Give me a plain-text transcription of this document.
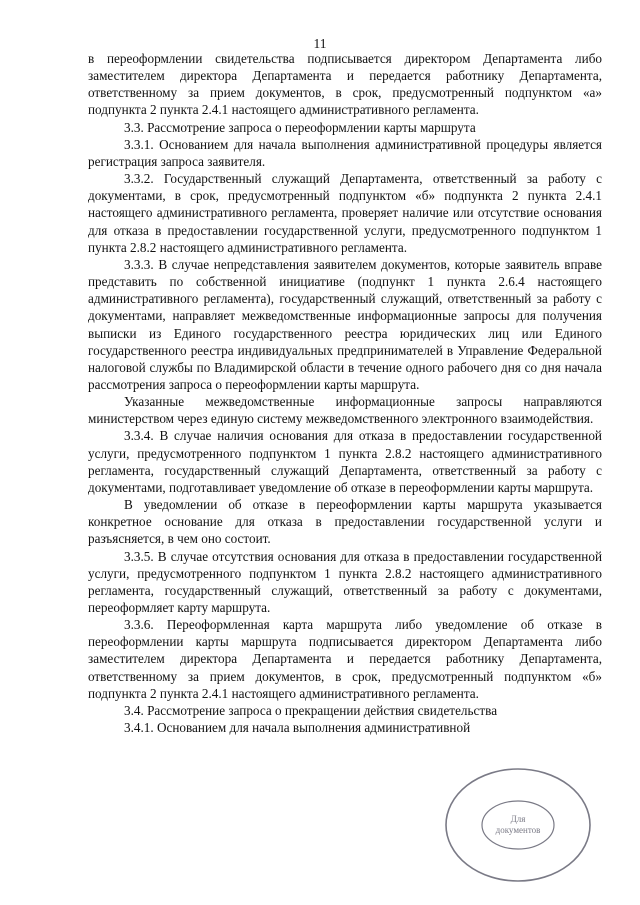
11

в переоформлении свидетельства подписывается директором Департамента либо заместителем директора Департамента и передается работнику Департамента, ответственному за прием документов, в срок, предусмотренный подпунктом «а» подпункта 2 пункта 2.4.1 настоящего административного регламента.

3.3. Рассмотрение запроса о переоформлении карты маршрута

3.3.1. Основанием для начала выполнения административной процедуры является регистрация запроса заявителя.

3.3.2. Государственный служащий Департамента, ответственный за работу с документами, в срок, предусмотренный подпунктом «б» подпункта 2 пункта 2.4.1 настоящего административного регламента, проверяет наличие или отсутствие основания для отказа в предоставлении государственной услуги, предусмотренного подпунктом 1 пункта 2.8.2 настоящего административного регламента.

3.3.3. В случае непредставления заявителем документов, которые заявитель вправе представить по собственной инициативе (подпункт 1 пункта 2.6.4 настоящего административного регламента), государственный служащий, ответственный за работу с документами, направляет межведомственные информационные запросы для получения выписки из Единого государственного реестра юридических лиц или Единого государственного реестра индивидуальных предпринимателей в Управление Федеральной налоговой службы по Владимирской области в течение одного рабочего дня со дня начала рассмотрения запроса о переоформлении карты маршрута.

Указанные межведомственные информационные запросы направляются министерством через единую систему межведомственного электронного взаимодействия.

3.3.4. В случае наличия основания для отказа в предоставлении государственной услуги, предусмотренного подпунктом 1 пункта 2.8.2 настоящего административного регламента, государственный служащий Департамента, ответственный за работу с документами, подготавливает уведомление об отказе в переоформлении карты маршрута.

В уведомлении об отказе в переоформлении карты маршрута указывается конкретное основание для отказа в предоставлении государственной услуги и разъясняется, в чем оно состоит.

3.3.5. В случае отсутствия основания для отказа в предоставлении государственной услуги, предусмотренного подпунктом 1 пункта 2.8.2 настоящего административного регламента, государственный служащий, ответственный за работу с документами, переоформляет карту маршрута.

3.3.6. Переоформленная карта маршрута либо уведомление об отказе в переоформлении карты маршрута подписывается директором Департамента либо заместителем директора Департамента и передается работнику Департамента, ответственному за прием документов, в срок, предусмотренный подпунктом «б» подпункта 2 пункта 2.4.1 настоящего административного регламента.

3.4. Рассмотрение запроса о прекращении действия свидетельства

3.4.1. Основанием для начала выполнения административной

Для
документов
